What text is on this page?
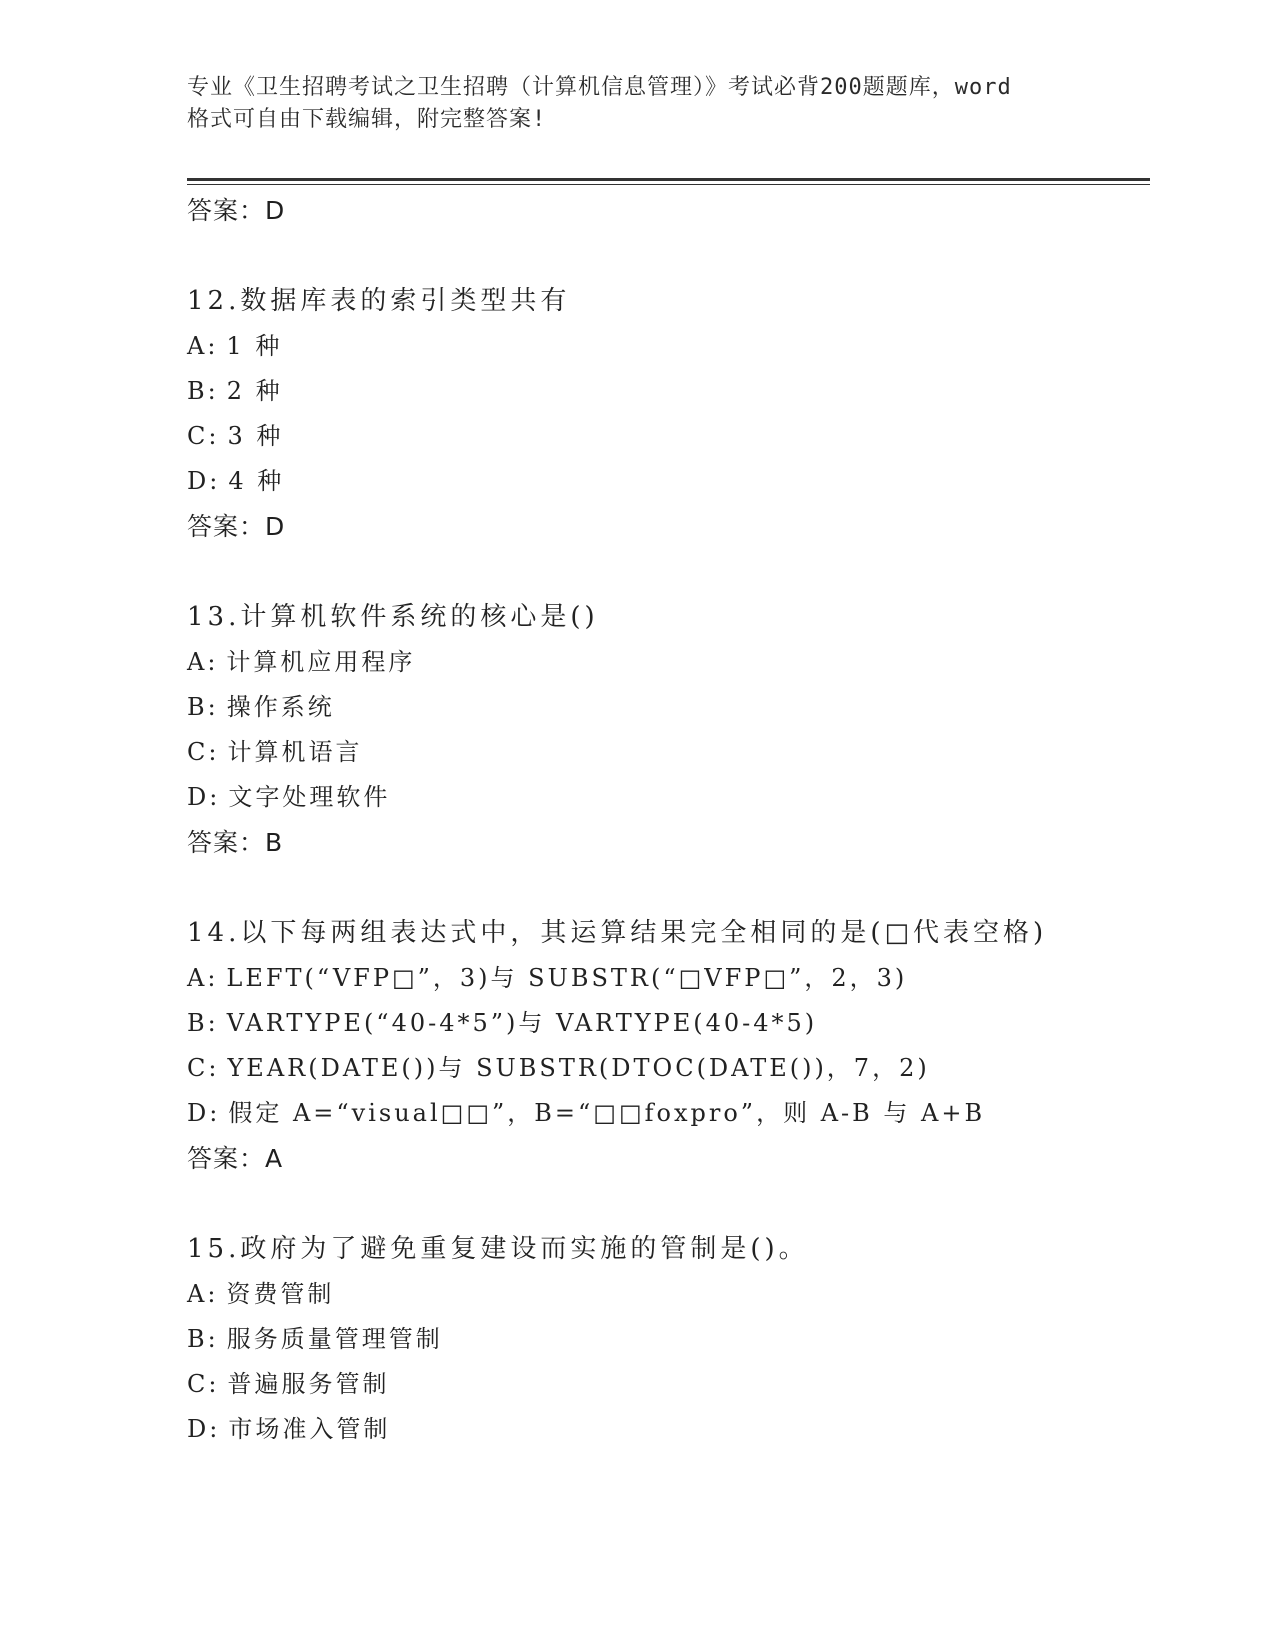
专业《卫生招聘考试之卫生招聘（计算机信息管理）》考试必背200题题库，word
格式可自由下载编辑，附完整答案!
答案：D
12.数据库表的索引类型共有
A: 1 种
B: 2 种
C: 3 种
D: 4 种
答案：D
13.计算机软件系统的核心是()
A: 计算机应用程序
B: 操作系统
C: 计算机语言
D: 文字处理软件
答案：B
14.以下每两组表达式中，其运算结果完全相同的是(□代表空格)
A: LEFT(“VFP□”，3)与 SUBSTR(“□VFP□”，2，3)
B: VARTYPE(“40-4*5”)与 VARTYPE(40-4*5)
C: YEAR(DATE())与 SUBSTR(DTOC(DATE())，7，2)
D: 假定 A=“visual□□”，B=“□□foxpro”，则 A-B 与 A+B
答案：A
15.政府为了避免重复建设而实施的管制是()。
A: 资费管制
B: 服务质量管理管制
C: 普遍服务管制
D: 市场准入管制
